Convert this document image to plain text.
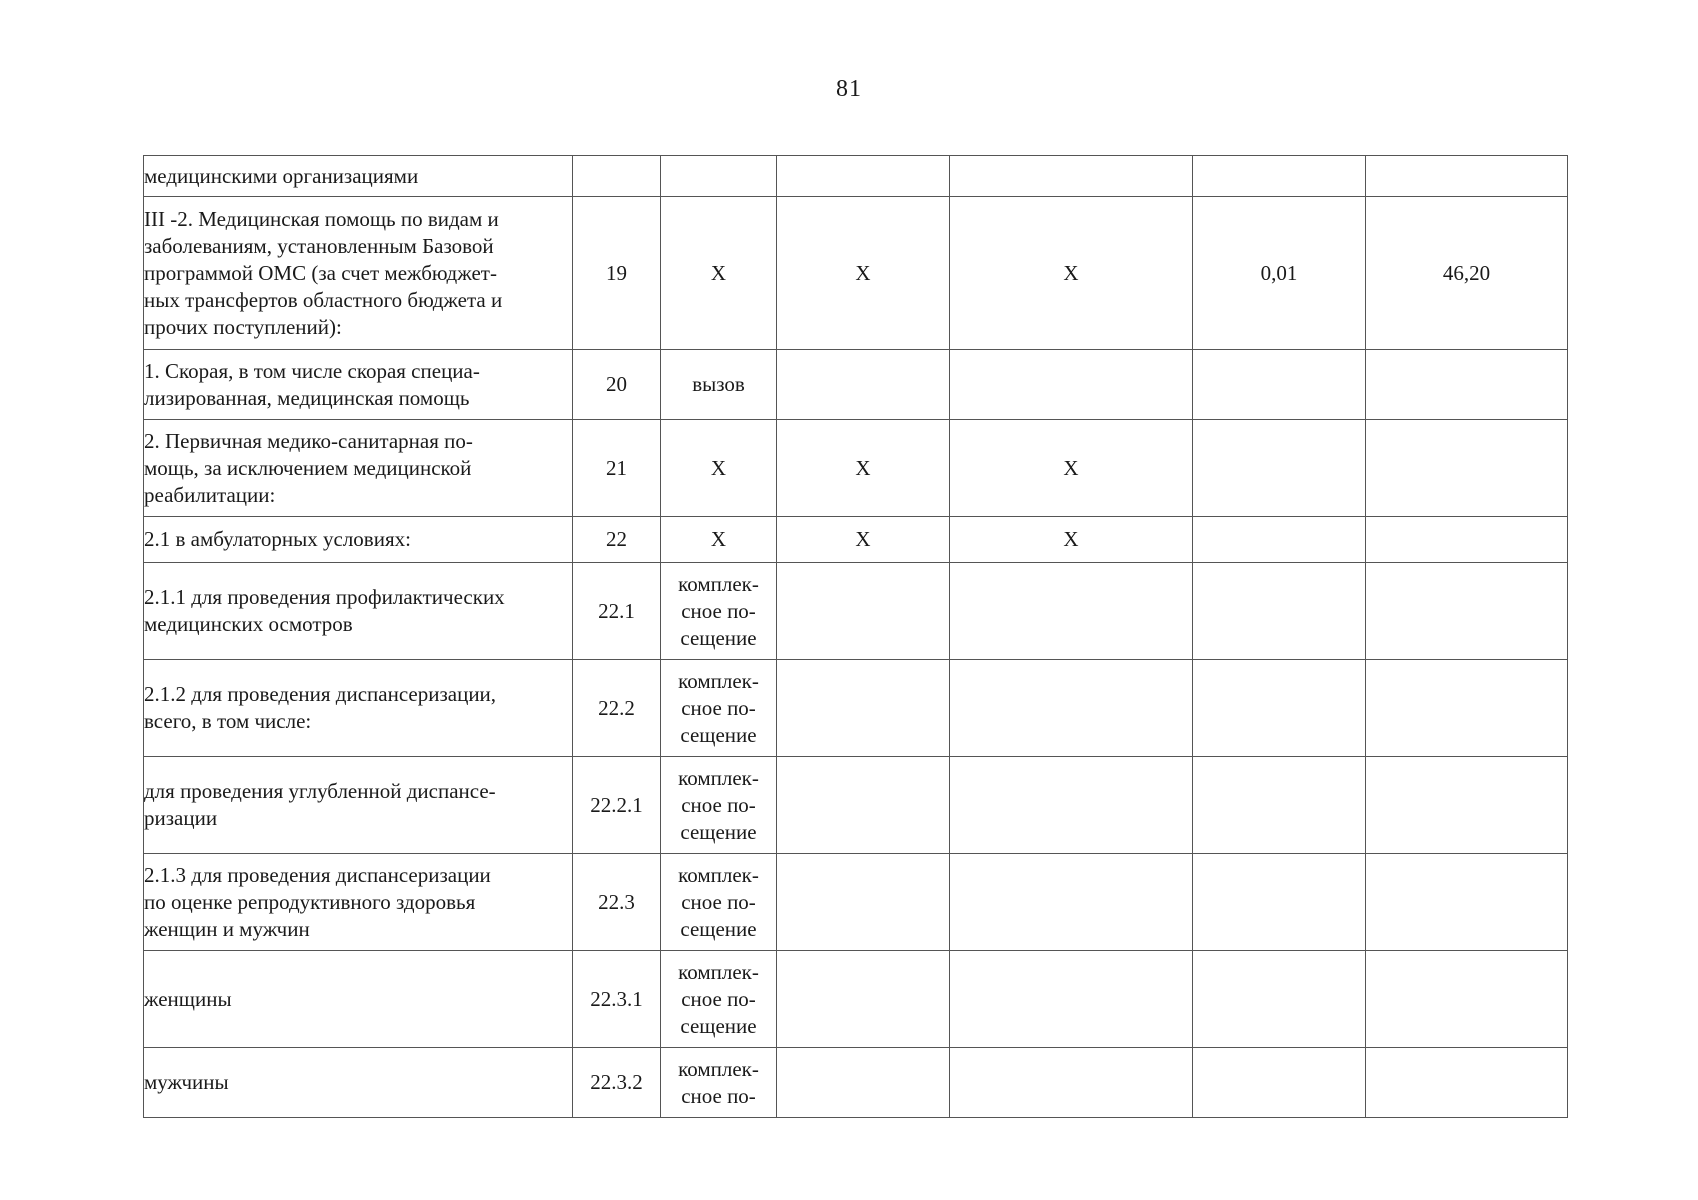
81
медицинскими организациями						
III -2. Медицинская помощь по видам и
заболеваниям, установленным Базовой
программой ОМС (за счет межбюджет-
ных трансфертов областного бюджета и
прочих поступлений):	19	X	X	X	0,01	46,20
1. Скорая, в том числе скорая специа-
лизированная, медицинская помощь	20	вызов				
2. Первичная медико-санитарная по-
мощь, за исключением медицинской
реабилитации:	21	X	X	X		
2.1 в амбулаторных условиях:	22	X	X	X		
2.1.1 для проведения профилактических
медицинских осмотров	22.1	комплек-
сное по-
сещение				
2.1.2 для проведения диспансеризации,
всего, в том числе:	22.2	комплек-
сное по-
сещение				
для проведения углубленной диспансе-
ризации	22.2.1	комплек-
сное по-
сещение				
2.1.3 для проведения диспансеризации
по оценке репродуктивного здоровья
женщин и мужчин	22.3	комплек-
сное по-
сещение				
женщины	22.3.1	комплек-
сное по-
сещение				
мужчины	22.3.2	комплек-
сное по-				
